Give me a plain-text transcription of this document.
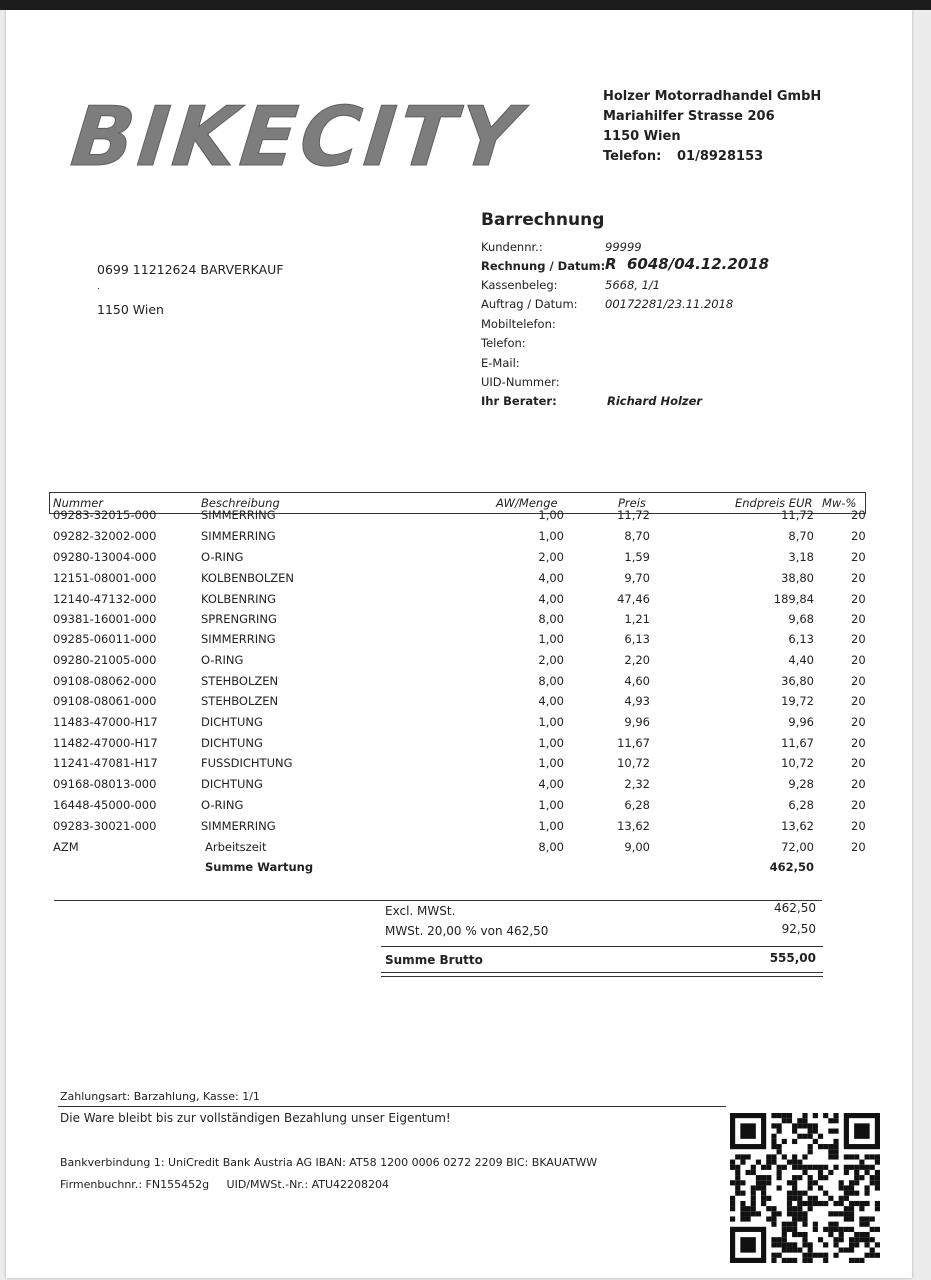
BIKECITY	Holzer Motorradhandel GmbH
Mariahilfer Strasse 206
1150 Wien
Telefon: 01/8928153
0699 11212624 BARVERKAUF
.
1150 Wien
Barrechnung
Kundennr.:	99999
Rechnung / Datum: R  6048/04.12.2018
Kassenbeleg:	5668, 1/1
Auftrag / Datum: 00172281/23.11.2018
Mobiltelefon:
Telefon:
E-Mail:
UID-Nummer:
Ihr Berater:	Richard Holzer
Nummer	Beschreibung	AW/Menge	Preis	Endpreis EUR Mw-%
09283-32015-000	SIMMERRING	1,00	11,72	11,72	20
09282-32002-000	SIMMERRING	1,00	8,70	8,70	20
09280-13004-000	O-RING	2,00	1,59	3,18	20
12151-08001-000	KOLBENBOLZEN	4,00	9,70	38,80	20
12140-47132-000	KOLBENRING	4,00	47,46	189,84	20
09381-16001-000	SPRENGRING	8,00	1,21	9,68	20
09285-06011-000	SIMMERRING	1,00	6,13	6,13	20
09280-21005-000	O-RING	2,00	2,20	4,40	20
09108-08062-000	STEHBOLZEN	8,00	4,60	36,80	20
09108-08061-000	STEHBOLZEN	4,00	4,93	19,72	20
11483-47000-H17	DICHTUNG	1,00	9,96	9,96	20
11482-47000-H17	DICHTUNG	1,00	11,67	11,67	20
11241-47081-H17	FUSSDICHTUNG	1,00	10,72	10,72	20
09168-08013-000	DICHTUNG	4,00	2,32	9,28	20
16448-45000-000	O-RING	1,00	6,28	6,28	20
09283-30021-000	SIMMERRING	1,00	13,62	13,62	20
AZM	Arbeitszeit	8,00	9,00	72,00	20
Summe Wartung	462,50
Excl. MWSt.	462,50
MWSt. 20,00 % von 462,50	92,50
Summe Brutto	555,00
Zahlungsart: Barzahlung, Kasse: 1/1
Die Ware bleibt bis zur vollständigen Bezahlung unser Eigentum!
Bankverbindung 1: UniCredit Bank Austria AG IBAN: AT58 1200 0006 0272 2209 BIC: BKAUATWW
Firmenbuchnr.: FN155452g     UID/MWSt.-Nr.: ATU42208204
